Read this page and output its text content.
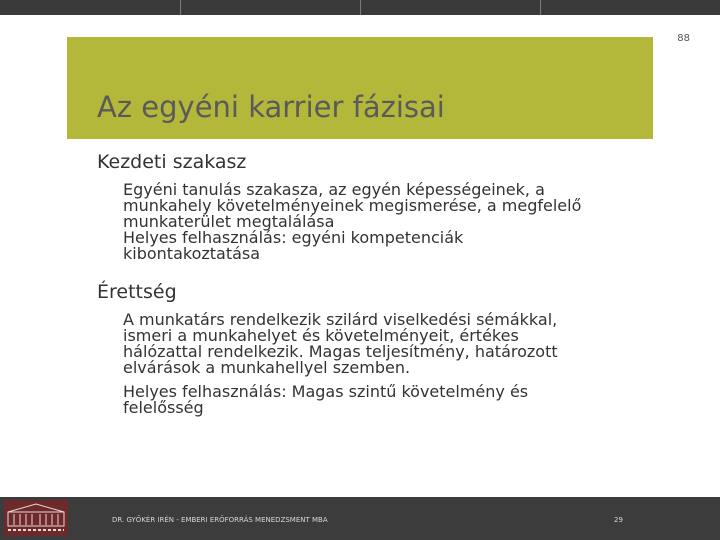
88
Az egyéni karrier fázisai
Kezdeti szakasz
Egyéni tanulás szakasza, az egyén képességeinek, a
munkahely követelményeinek megismerése, a megfelelő
munkaterület megtalálása
Helyes felhasználás: egyéni kompetenciák
kibontakoztatása
Érettség
A munkatárs rendelkezik szilárd viselkedési sémákkal,
ismeri a munkahelyet és követelményeit, értékes
hálózattal rendelkezik. Magas teljesítmény, határozott
elvárások a munkahellyel szemben.
Helyes felhasználás: Magas szintű követelmény és
felelősség
DR. GYŐKÉR IRÉN - EMBERI ERŐFORRÁS MENEDZSMENT MBA	29
